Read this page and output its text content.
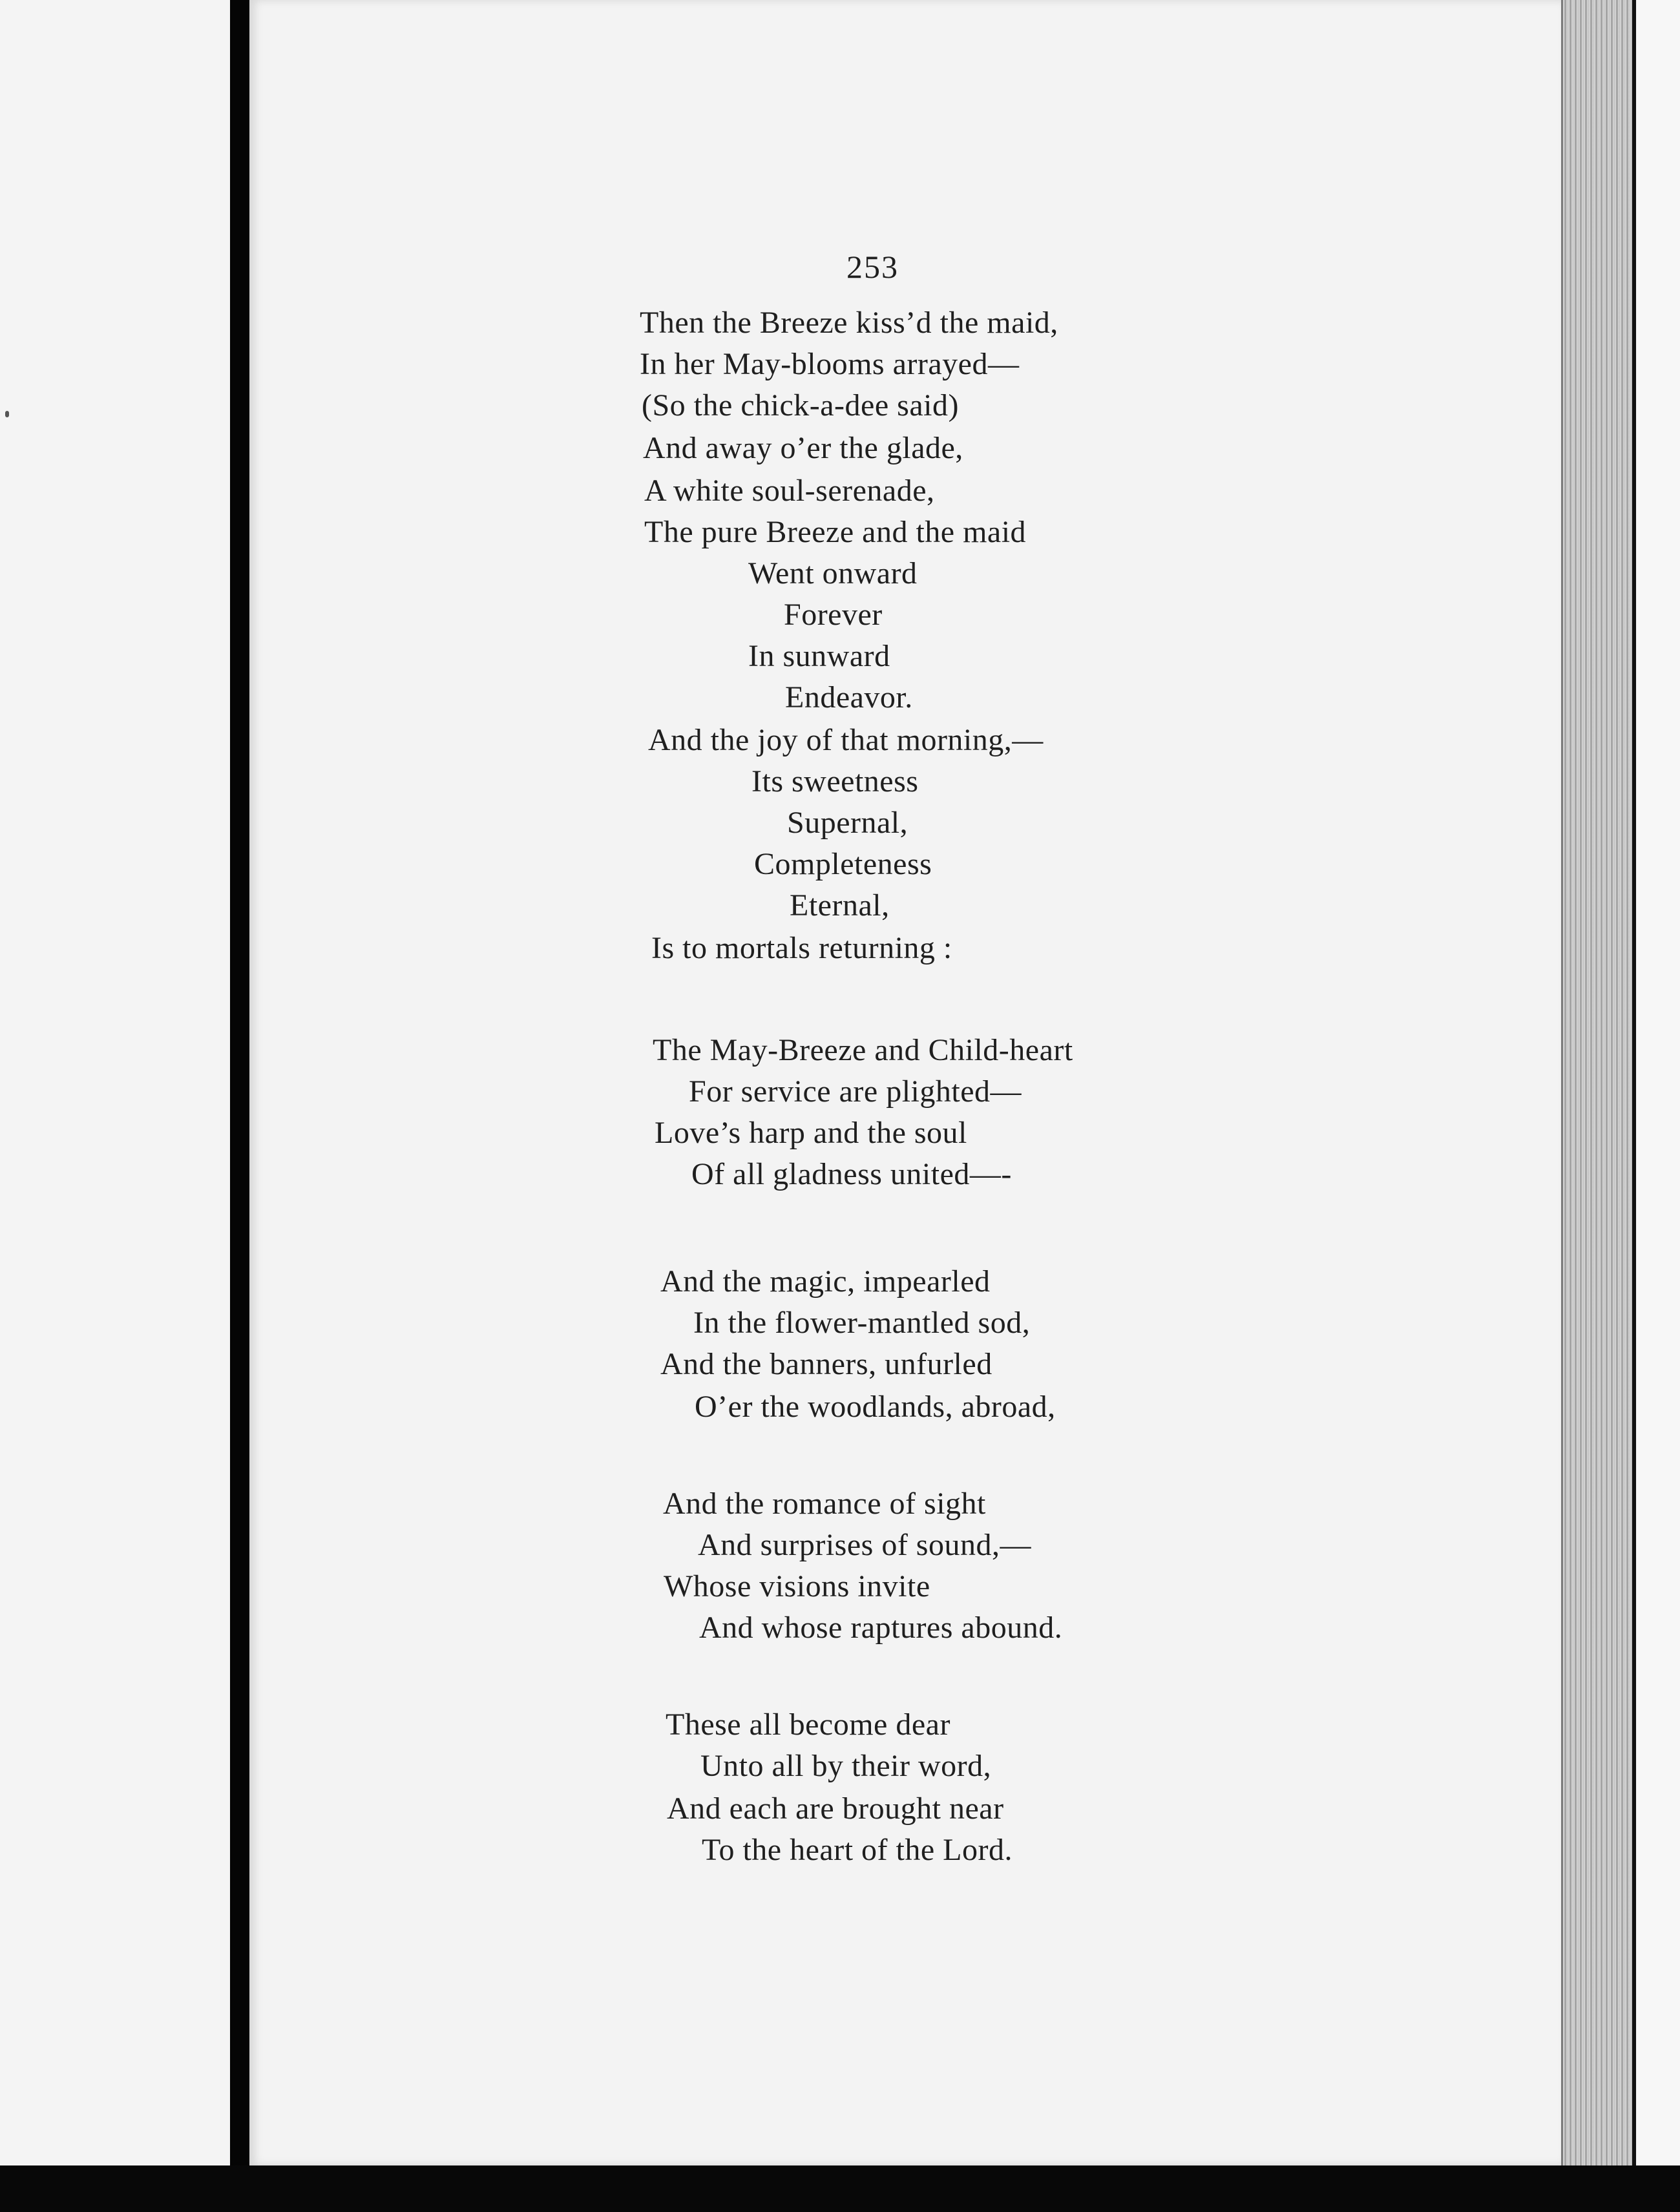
253
Then the Breeze kiss’d the maid,
In her May-blooms arrayed—
(So the chick-a-dee said)
And away o’er the glade,
A white soul-serenade,
The pure Breeze and the maid
Went onward
Forever
In sunward
Endeavor.
And the joy of that morning,—
Its sweetness
Supernal,
Completeness
Eternal,
Is to mortals returning :
The May-Breeze and Child-heart
For service are plighted—
Love’s harp and the soul
Of all gladness united—-
And the magic, impearled
In the flower-mantled sod,
And the banners, unfurled
O’er the woodlands, abroad,
And the romance of sight
And surprises of sound,—
Whose visions invite
And whose raptures abound.
These all become dear
Unto all by their word,
And each are brought near
To the heart of the Lord.
